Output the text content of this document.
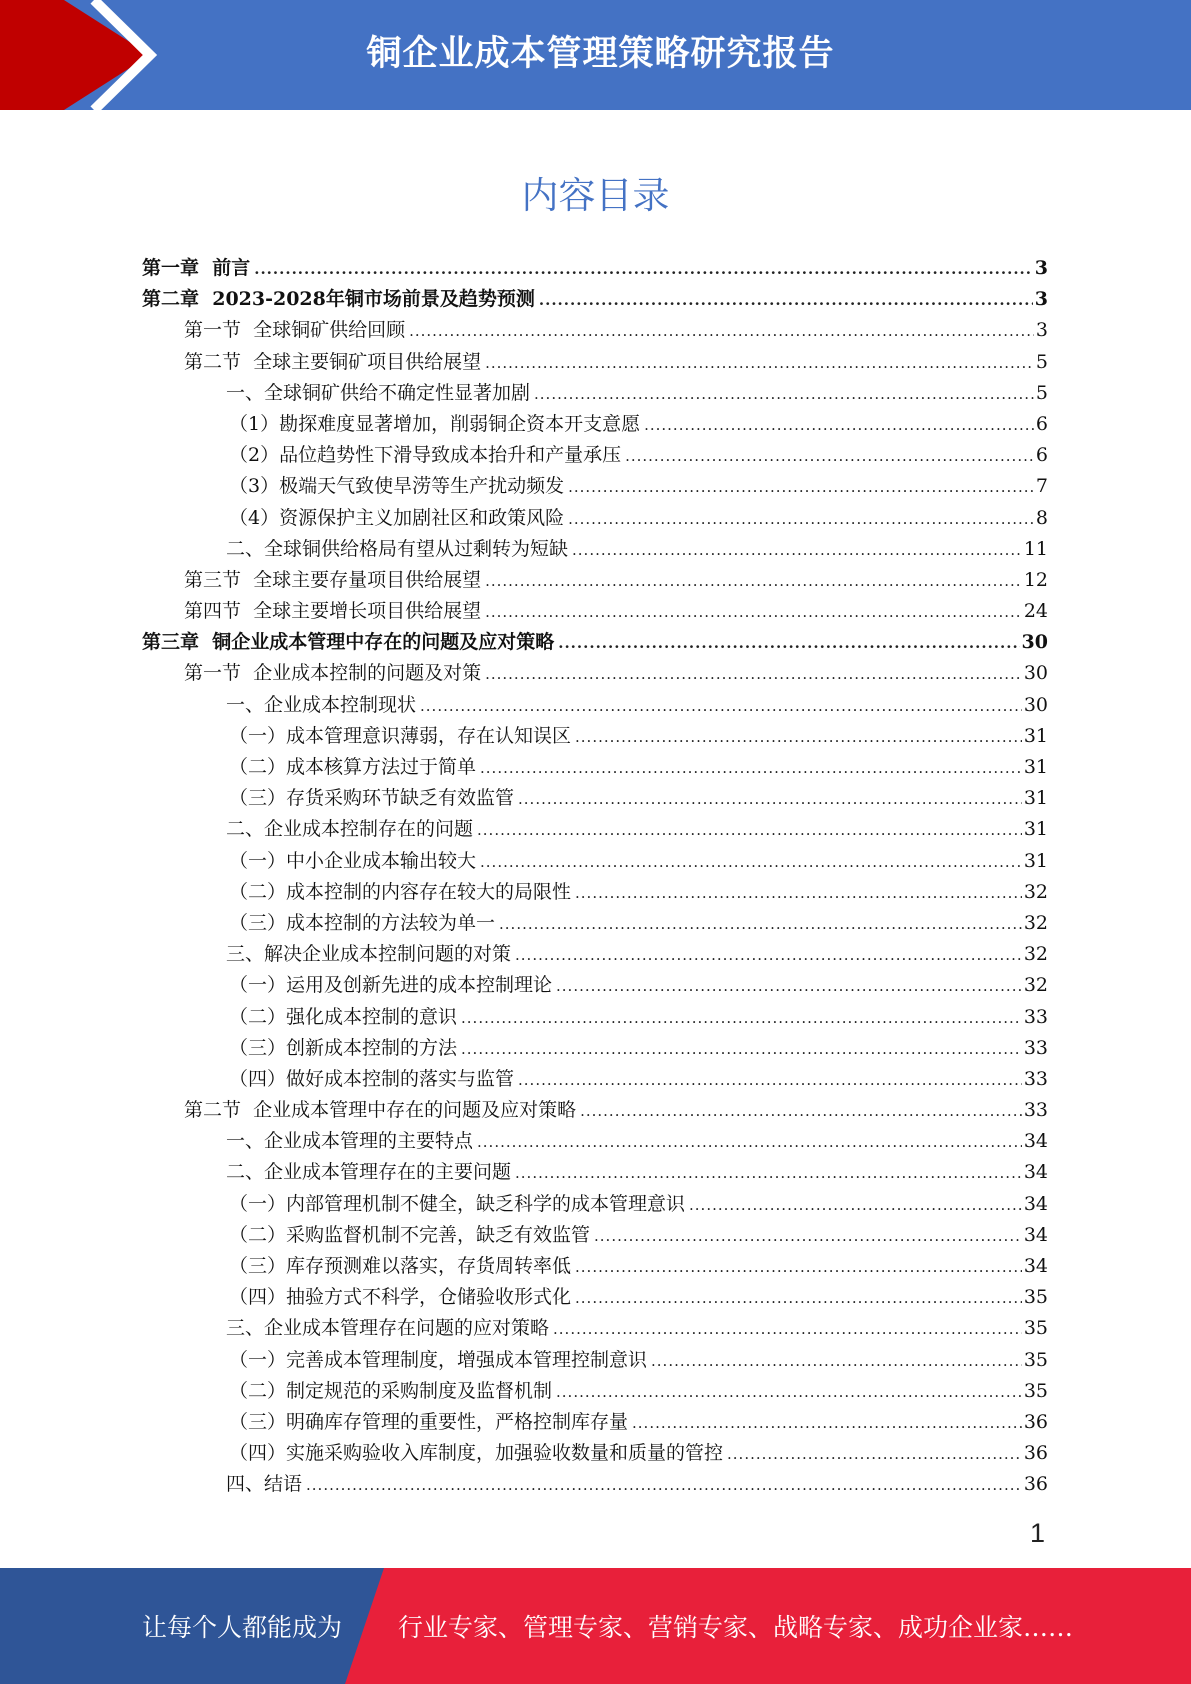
铜企业成本管理策略研究报告
内容目录
第一章  前言 .....	3
第二章  2023-2028年铜市场前景及趋势预测 .....	3
第一节  全球铜矿供给回顾 .....	3
第二节  全球主要铜矿项目供给展望 .....	5
一、全球铜矿供给不确定性显著加剧 .....	5
（1）勘探难度显著增加，削弱铜企资本开支意愿 .....	6
（2）品位趋势性下滑导致成本抬升和产量承压 .....	6
（3）极端天气致使旱涝等生产扰动频发 .....	7
（4）资源保护主义加剧社区和政策风险 .....	8
二、全球铜供给格局有望从过剩转为短缺 .....	11
第三节  全球主要存量项目供给展望 .....	12
第四节  全球主要增长项目供给展望 .....	24
第三章  铜企业成本管理中存在的问题及应对策略 .....	30
第一节  企业成本控制的问题及对策 .....	30
一、企业成本控制现状 .....	30
（一）成本管理意识薄弱，存在认知误区 .....	31
（二）成本核算方法过于简单 .....	31
（三）存货采购环节缺乏有效监管 .....	31
二、企业成本控制存在的问题 .....	31
（一）中小企业成本输出较大 .....	31
（二）成本控制的内容存在较大的局限性 .....	32
（三）成本控制的方法较为单一 .....	32
三、解决企业成本控制问题的对策 .....	32
（一）运用及创新先进的成本控制理论 .....	32
（二）强化成本控制的意识 .....	33
（三）创新成本控制的方法 .....	33
（四）做好成本控制的落实与监管 .....	33
第二节  企业成本管理中存在的问题及应对策略 .....	33
一、企业成本管理的主要特点 .....	34
二、企业成本管理存在的主要问题 .....	34
（一）内部管理机制不健全，缺乏科学的成本管理意识 .....	34
（二）采购监督机制不完善，缺乏有效监管 .....	34
（三）库存预测难以落实，存货周转率低 .....	34
（四）抽验方式不科学，仓储验收形式化 .....	35
三、企业成本管理存在问题的应对策略 .....	35
（一）完善成本管理制度，增强成本管理控制意识 .....	35
（二）制定规范的采购制度及监督机制 .....	35
（三）明确库存管理的重要性，严格控制库存量 .....	36
（四）实施采购验收入库制度，加强验收数量和质量的管控 .....	36
四、结语 .....	36
1
让每个人都能成为 行业专家、管理专家、营销专家、战略专家、成功企业家……
